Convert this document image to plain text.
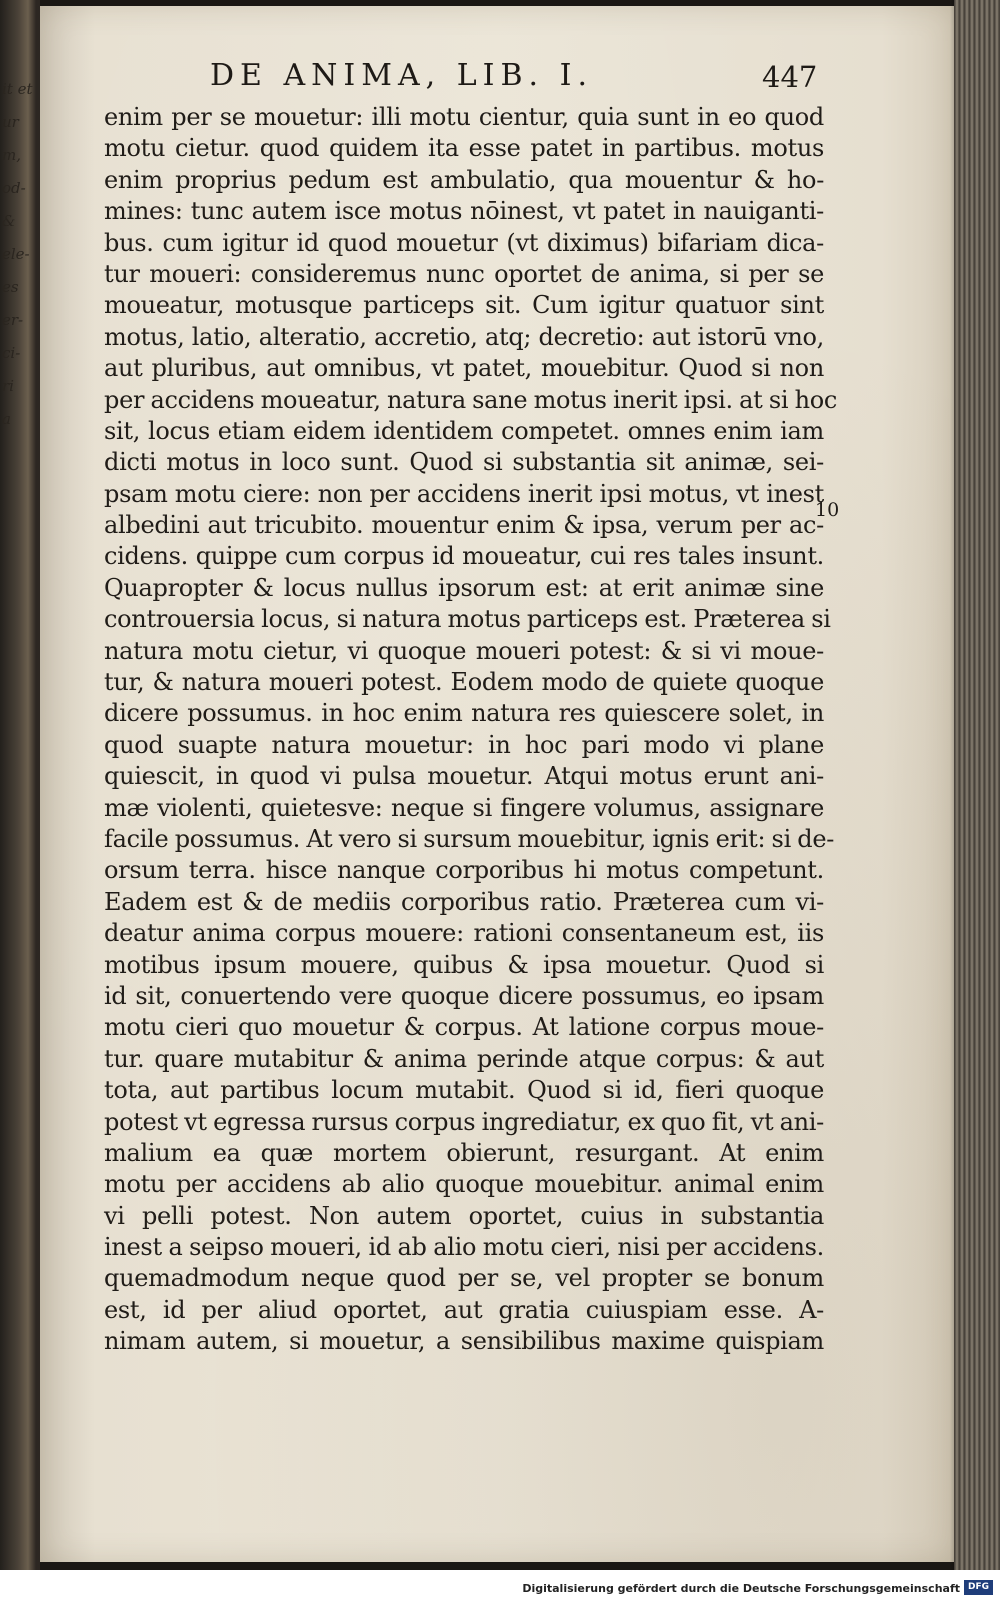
it et
ur
m,
od-
&
ele-
es
er-
ci-
ri
a
DE ANIMA, LIB. I.	447
enim per se mouetur: illi motu cientur, quia sunt in eo quod
motu cietur. quod quidem ita esse patet in partibus. motus
enim proprius pedum est ambulatio, qua mouentur & ho-
mines: tunc autem isce motus nōinest, vt patet in nauiganti-
bus. cum igitur id quod mouetur (vt diximus) bifariam dica-
tur moueri: consideremus nunc oportet de anima, si per se
moueatur, motusque particeps sit. Cum igitur quatuor sint
motus, latio, alteratio, accretio, atq; decretio: aut istorū vno,
aut pluribus, aut omnibus, vt patet, mouebitur. Quod si non
per accidens moueatur, natura sane motus inerit ipsi. at si hoc
sit, locus etiam eidem identidem competet. omnes enim iam
dicti motus in loco sunt. Quod si substantia sit animæ, sei-
psam motu ciere: non per accidens inerit ipsi motus, vt inest
albedini aut tricubito. mouentur enim & ipsa, verum per ac-
cidens. quippe cum corpus id moueatur, cui res tales insunt.
Quapropter & locus nullus ipsorum est: at erit animæ sine
controuersia locus, si natura motus particeps est. Præterea si
natura motu cietur, vi quoque moueri potest: & si vi moue-
tur, & natura moueri potest. Eodem modo de quiete quoque
dicere possumus. in hoc enim natura res quiescere solet, in
quod suapte natura mouetur: in hoc pari modo vi plane
quiescit, in quod vi pulsa mouetur. Atqui motus erunt ani-
mæ violenti, quietesve: neque si fingere volumus, assignare
facile possumus. At vero si sursum mouebitur, ignis erit: si de-
orsum terra. hisce nanque corporibus hi motus competunt.
Eadem est & de mediis corporibus ratio. Præterea cum vi-
deatur anima corpus mouere: rationi consentaneum est, iis
motibus ipsum mouere, quibus & ipsa mouetur. Quod si
id sit, conuertendo vere quoque dicere possumus, eo ipsam
motu cieri quo mouetur & corpus. At latione corpus moue-
tur. quare mutabitur & anima perinde atque corpus: & aut
tota, aut partibus locum mutabit. Quod si id, fieri quoque
potest vt egressa rursus corpus ingrediatur, ex quo fit, vt ani-
malium ea quæ mortem obierunt, resurgant. At enim
motu per accidens ab alio quoque mouebitur. animal enim
vi pelli potest. Non autem oportet, cuius in substantia
inest a seipso moueri, id ab alio motu cieri, nisi per accidens.
quemadmodum neque quod per se, vel propter se bonum
est, id per aliud oportet, aut gratia cuiuspiam esse. A-
nimam autem, si mouetur, a sensibilibus maxime quispiam
10
Digitalisierung gefördert durch die Deutsche Forschungsgemeinschaft DFG
